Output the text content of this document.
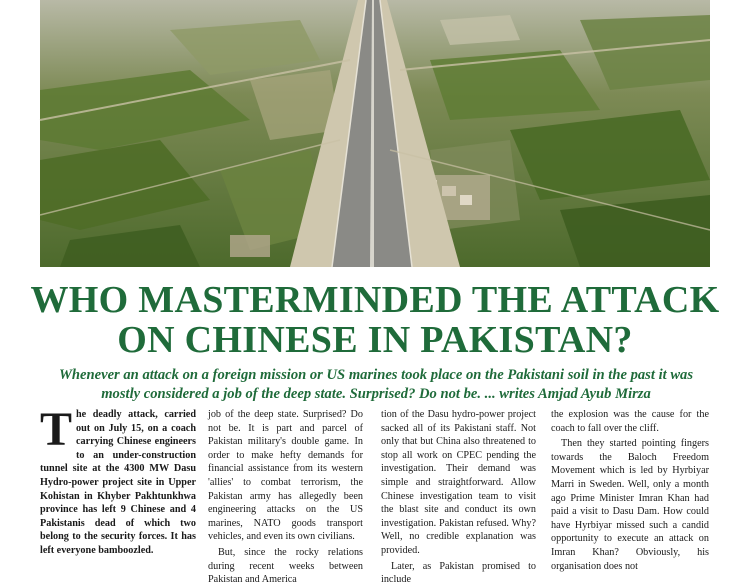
WHO MASTERMINDED THE ATTACK
ON CHINESE IN PAKISTAN?
Whenever an attack on a foreign mission or US marines took place on the Pakistani soil in the past it was mostly considered a job of the deep state. Surprised? Do not be. ... writes Amjad Ayub Mirza
T he deadly attack, carried out on July 15, on a coach carrying Chinese engineers to an under-construction tunnel site at the 4300 MW Dasu Hydro-power project site in Upper Kohistan in Khyber Pakhtunkhwa province has left 9 Chinese and 4 Pakistanis dead of which two belong to the security forces. It has left everyone bamboozled.

job of the deep state. Surprised? Do not be. It is part and parcel of Pakistan military's double game. In order to make hefty demands for financial assistance from its western 'allies' to combat terrorism, the Pakistan army has allegedly been engineering attacks on the US marines, NATO goods transport vehicles, and even its own civilians.

But, since the rocky relations during recent weeks between Pakistan and America

tion of the Dasu hydro-power project sacked all of its Pakistani staff. Not only that but China also threatened to stop all work on CPEC pending the investigation. Their demand was simple and straightforward. Allow Chinese investigation team to visit the blast site and conduct its own investigation. Pakistan refused. Why? Well, no credible explanation was provided.

Later, as Pakistan promised to include

the explosion was the cause for the coach to fall over the cliff.

Then they started pointing fingers towards the Baloch Freedom Movement which is led by Hyrbiyar Marri in Sweden. Well, only a month ago Prime Minister Imran Khan had paid a visit to Dasu Dam. How could have Hyrbiyar missed such a candid opportunity to execute an attack on Imran Khan? Obviously, his organisation does not
